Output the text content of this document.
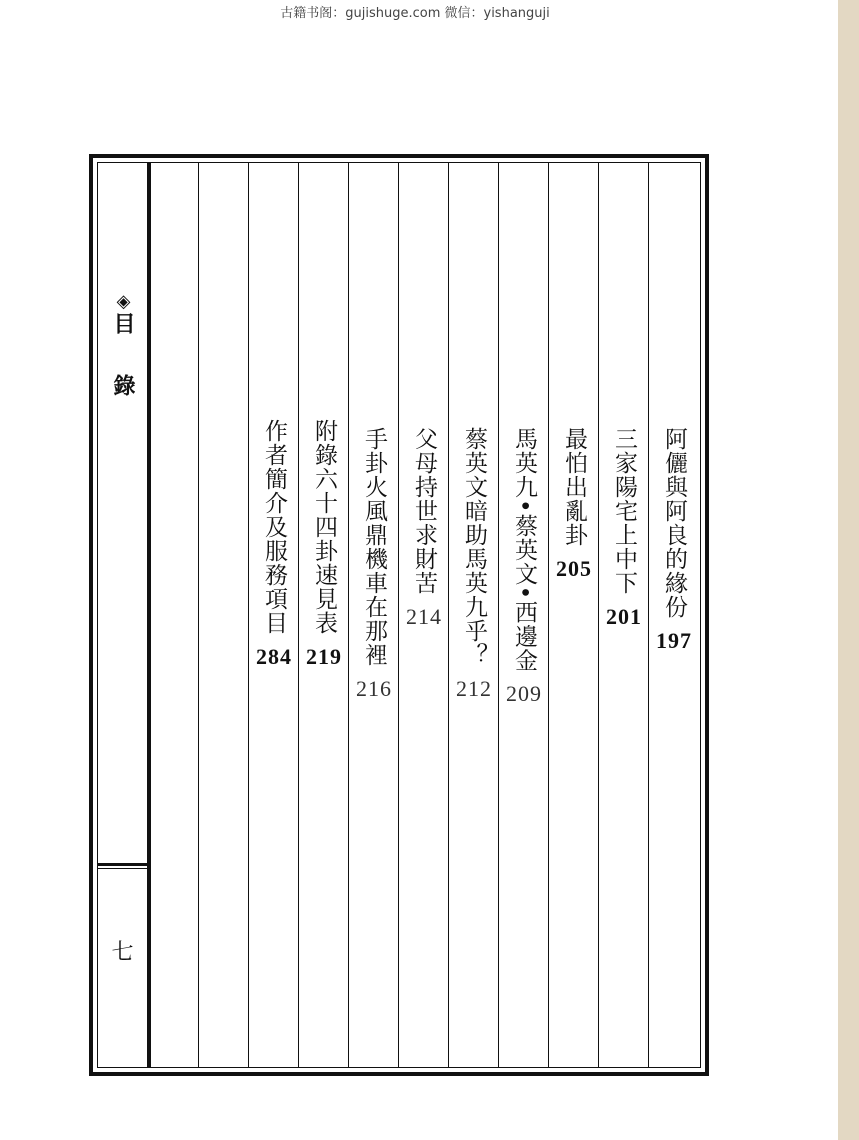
古籍书阁：gujishuge.com 微信：yishanguji
◈目錄
七
阿儷與阿良的緣份197
三家陽宅上中下201
最怕出亂卦205
馬英九•蔡英文•西邊金209
蔡英文暗助馬英九乎？212
父母持世求財苦214
手卦火風鼎機車在那裡216
附錄六十四卦速見表219
作者簡介及服務項目284
